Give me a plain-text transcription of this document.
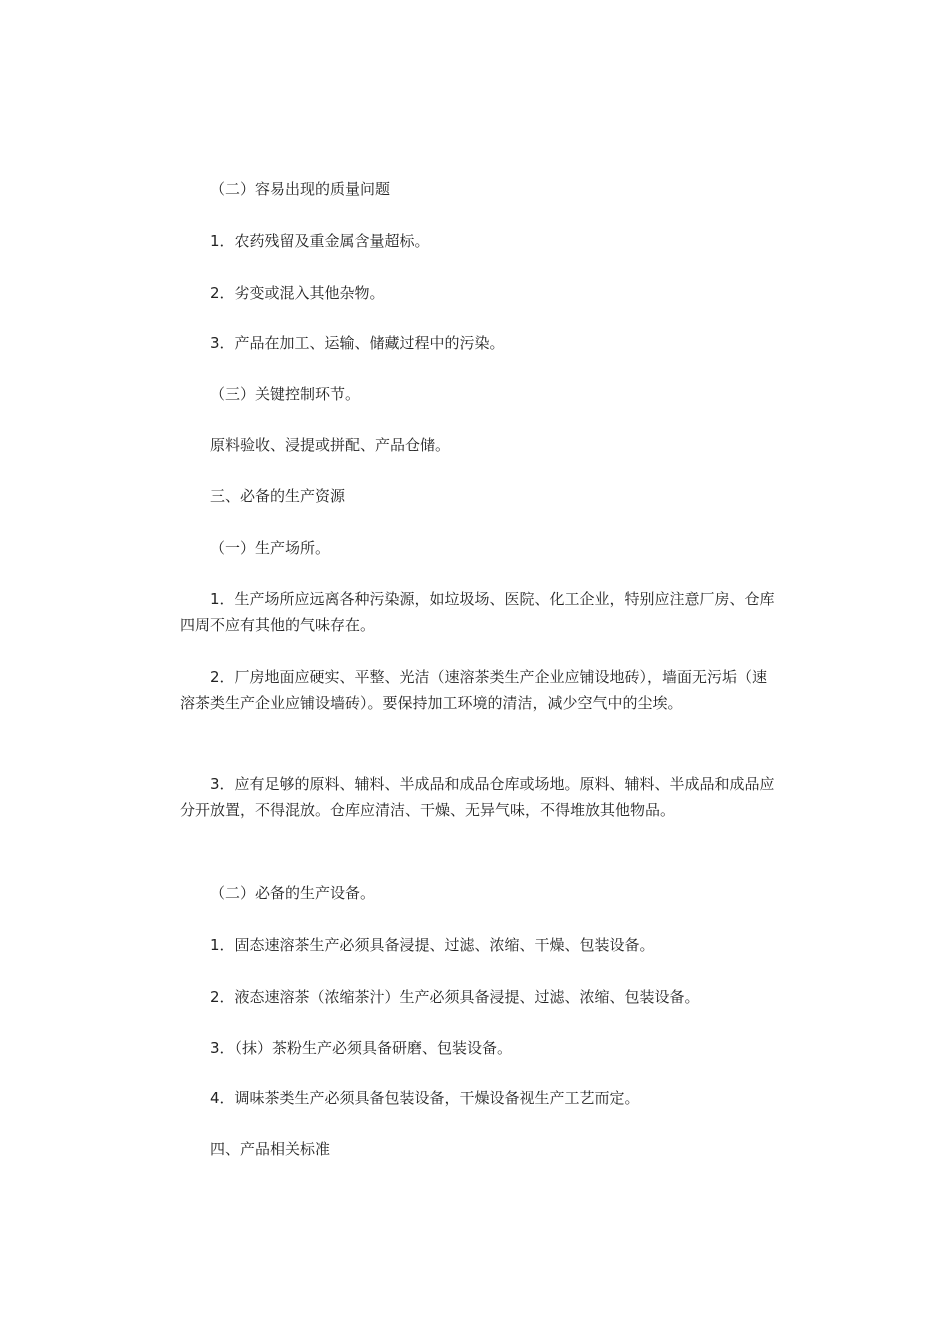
（二）容易出现的质量问题

1．农药残留及重金属含量超标。

2．劣变或混入其他杂物。

3．产品在加工、运输、储藏过程中的污染。

（三）关键控制环节。

原料验收、浸提或拼配、产品仓储。

三、必备的生产资源

（一）生产场所。

1．生产场所应远离各种污染源，如垃圾场、医院、化工企业，特别应注意厂房、仓库四周不应有其他的气味存在。

2．厂房地面应硬实、平整、光洁（速溶茶类生产企业应铺设地砖），墙面无污垢（速溶茶类生产企业应铺设墙砖）。要保持加工环境的清洁，减少空气中的尘埃。

3．应有足够的原料、辅料、半成品和成品仓库或场地。原料、辅料、半成品和成品应分开放置，不得混放。仓库应清洁、干燥、无异气味，不得堆放其他物品。

（二）必备的生产设备。

1．固态速溶茶生产必须具备浸提、过滤、浓缩、干燥、包装设备。

2．液态速溶茶（浓缩茶汁）生产必须具备浸提、过滤、浓缩、包装设备。

3．（抹）茶粉生产必须具备研磨、包装设备。

4．调味茶类生产必须具备包装设备，干燥设备视生产工艺而定。

四、产品相关标准
